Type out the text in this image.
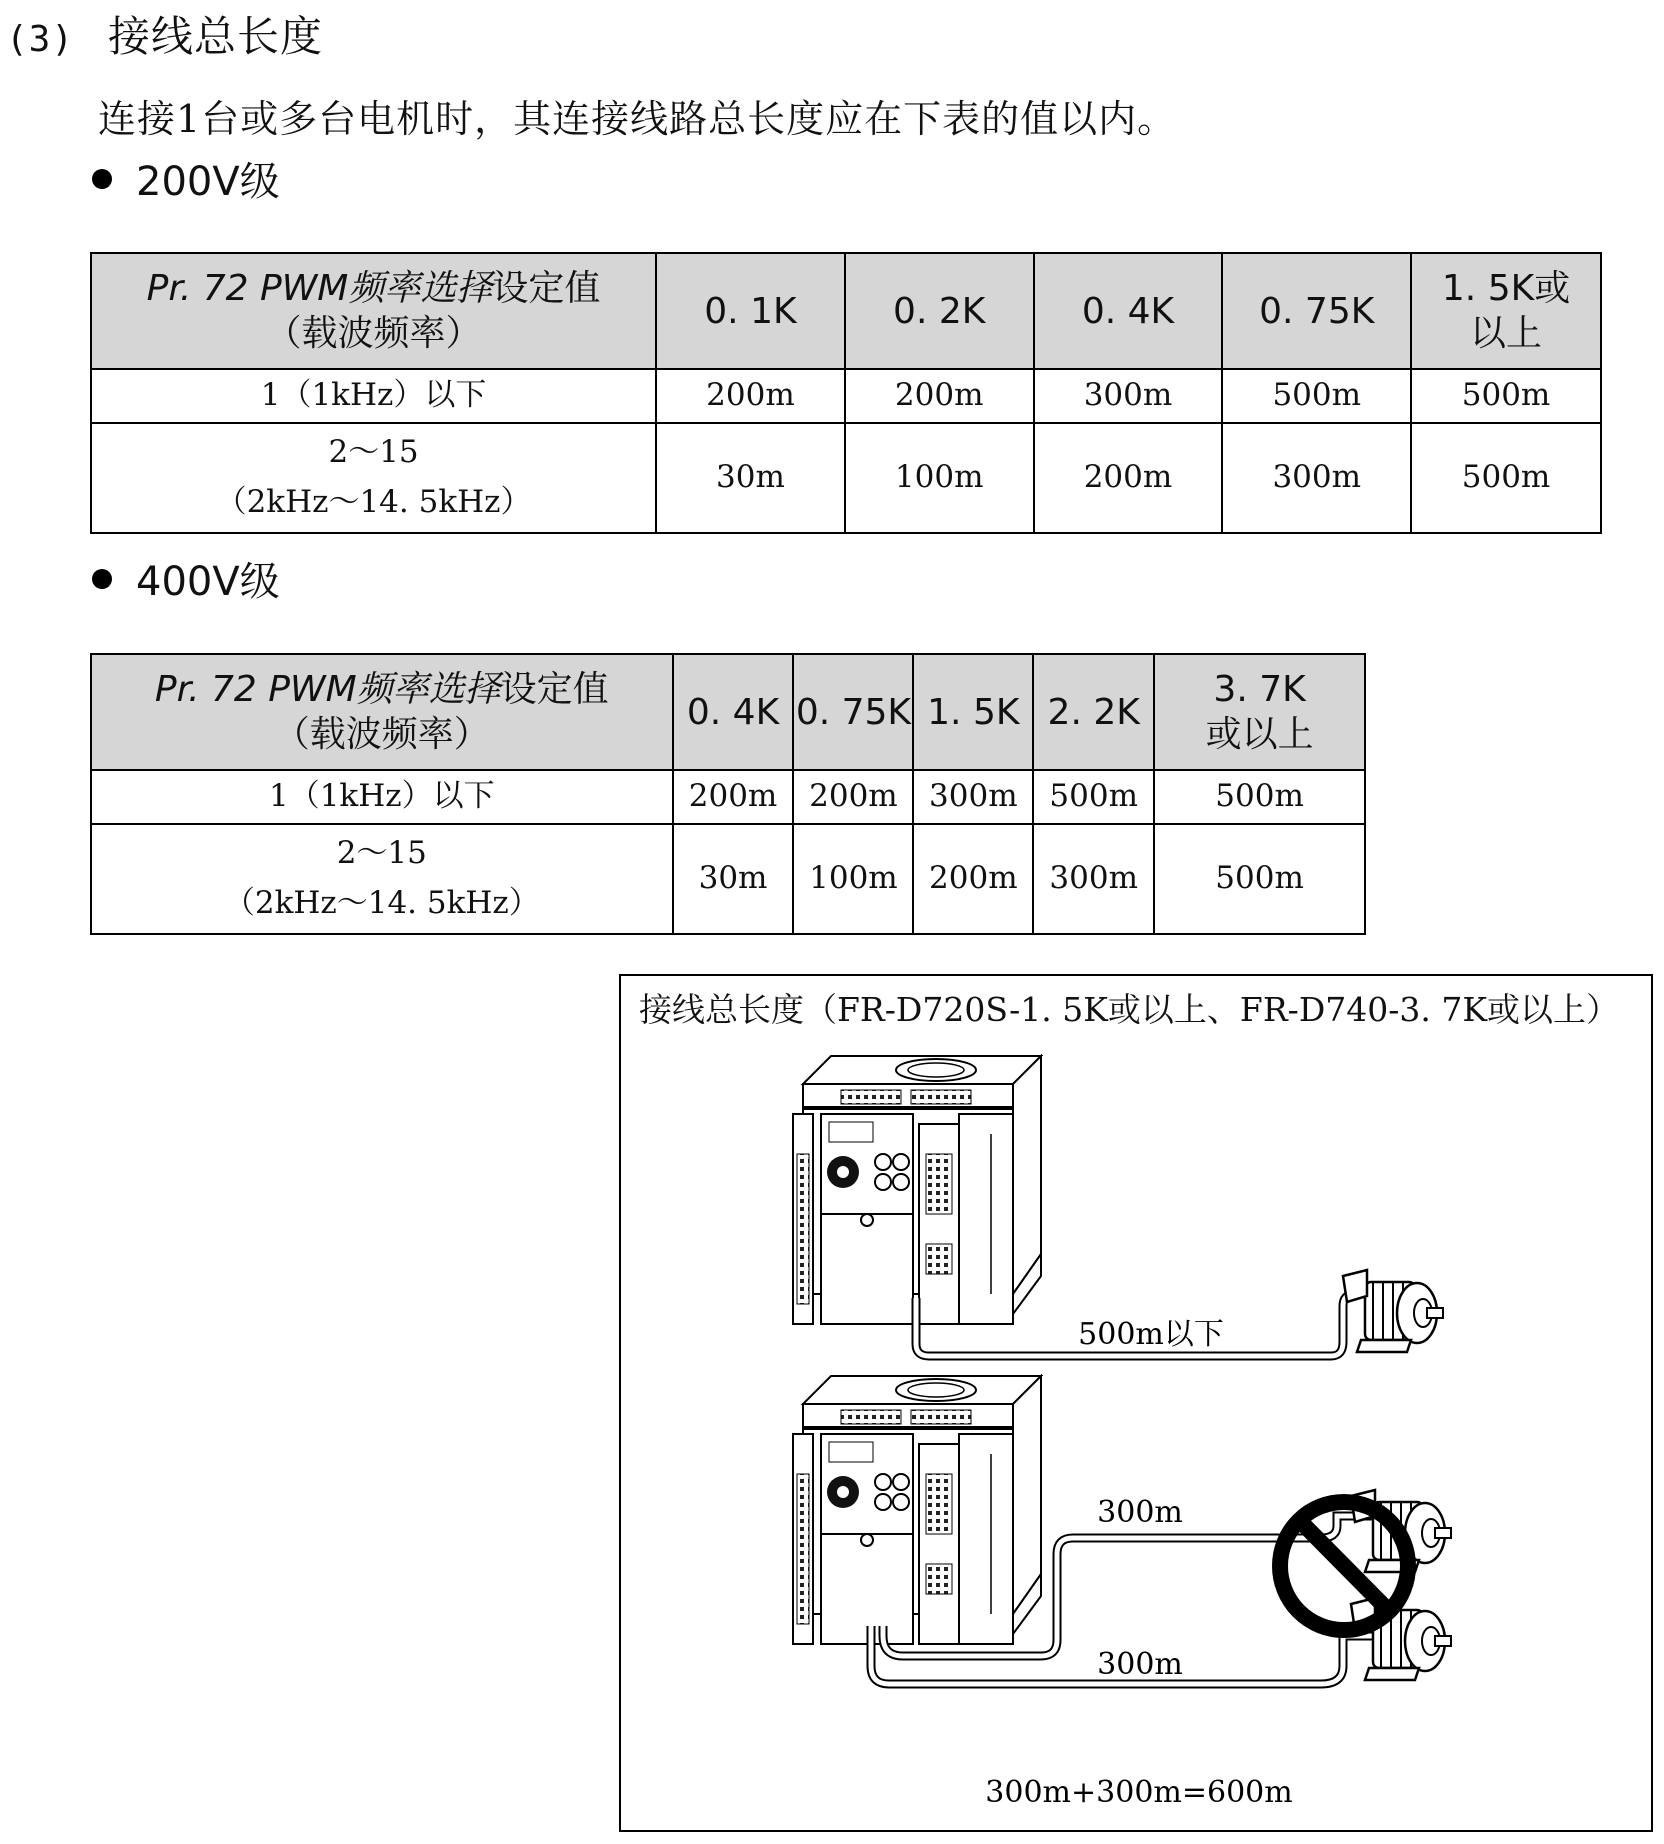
(3) 接线总长度
连接1台或多台电机时，其连接线路总长度应在下表的值以内。
200V级
Pr. 72 PWM频率选择设定值
（载波频率）	0. 1K	0. 2K	0. 4K	0. 75K	1. 5K或以上
1（1kHz）以下	200m	200m	300m	500m	500m

2～15
（2kHz～14. 5kHz）	30m	100m	200m	300m	500m
400V级
Pr. 72 PWM频率选择设定值
（载波频率）	0. 4K	0. 75K	1. 5K	2. 2K	3. 7K或以上
1（1kHz）以下	200m	200m	300m	500m	500m

2～15
（2kHz～14. 5kHz）	30m	100m	200m	300m	500m
接线总长度（FR-D720S-1. 5K或以上、FR-D740-3. 7K或以上）
500m以下
300m
300m
300m+300m=600m
